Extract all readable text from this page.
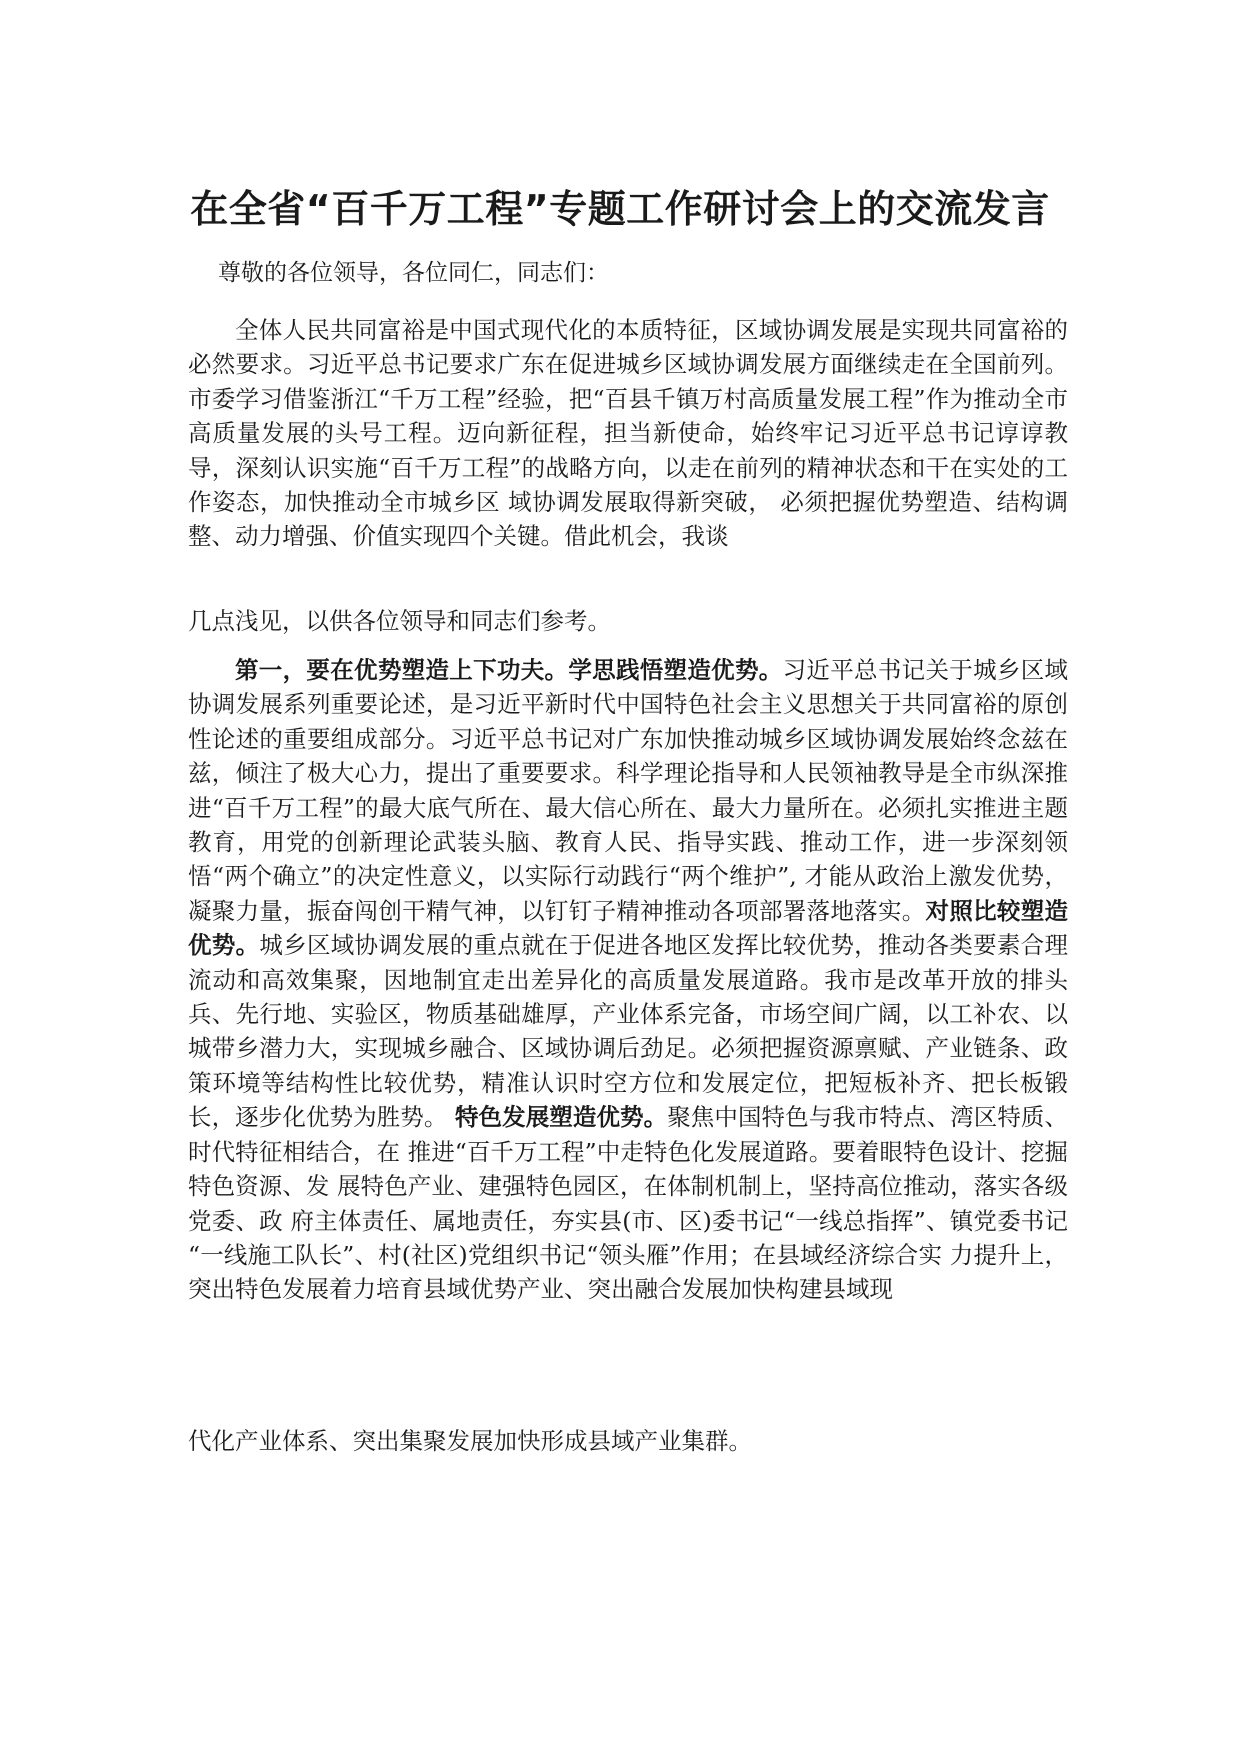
在全省“百千万工程”专题工作研讨会上的交流发言
尊敬的各位领导，各位同仁，同志们：
全体人民共同富裕是中国式现代化的本质特征，区域协调发展是实现共同富裕的必然要求。习近平总书记要求广东在促进城乡区域协调发展方面继续走在全国前列。市委学习借鉴浙江“千万工程”经验，把“百县千镇万村高质量发展工程”作为推动全市高质量发展的头号工程。迈向新征程，担当新使命，始终牢记习近平总书记谆谆教导，深刻认识实施“百千万工程”的战略方向，以走在前列的精神状态和干在实处的工作姿态，加快推动全市城乡区 域协调发展取得新突破， 必须把握优势塑造、结构调整、动力增强、价值实现四个关键。借此机会，我谈
几点浅见，以供各位领导和同志们参考。
第一，要在优势塑造上下功夫。学思践悟塑造优势。习近平总书记关于城乡区域协调发展系列重要论述，是习近平新时代中国特色社会主义思想关于共同富裕的原创性论述的重要组成部分。习近平总书记对广东加快推动城乡区域协调发展始终念兹在兹，倾注了极大心力，提出了重要要求。科学理论指导和人民领袖教导是全市纵深推进“百千万工程”的最大底气所在、最大信心所在、最大力量所在。必须扎实推进主题教育，用党的创新理论武装头脑、教育人民、指导实践、推动工作，进一步深刻领悟“两个确立”的决定性意义，以实际行动践行“两个维护”, 才能从政治上激发优势，凝聚力量，振奋闯创干精气神，以钉钉子精神推动各项部署落地落实。对照比较塑造优势。城乡区域协调发展的重点就在于促进各地区发挥比较优势，推动各类要素合理流动和高效集聚，因地制宜走出差异化的高质量发展道路。我市是改革开放的排头兵、先行地、实验区，物质基础雄厚，产业体系完备，市场空间广阔，以工补农、以城带乡潜力大，实现城乡融合、区域协调后劲足。必须把握资源禀赋、产业链条、政策环境等结构性比较优势，精准认识时空方位和发展定位，把短板补齐、把长板锻长，逐步化优势为胜势。 特色发展塑造优势。聚焦中国特色与我市特点、湾区特质、时代特征相结合，在 推进“百千万工程”中走特色化发展道路。要着眼特色设计、挖掘特色资源、发 展特色产业、建强特色园区，在体制机制上，坚持高位推动，落实各级党委、政 府主体责任、属地责任，夯实县(市、区)委书记“一线总指挥”、镇党委书记 “一线施工队长”、村(社区)党组织书记“领头雁”作用；在县域经济综合实 力提升上，突出特色发展着力培育县域优势产业、突出融合发展加快构建县域现
代化产业体系、突出集聚发展加快形成县域产业集群。
